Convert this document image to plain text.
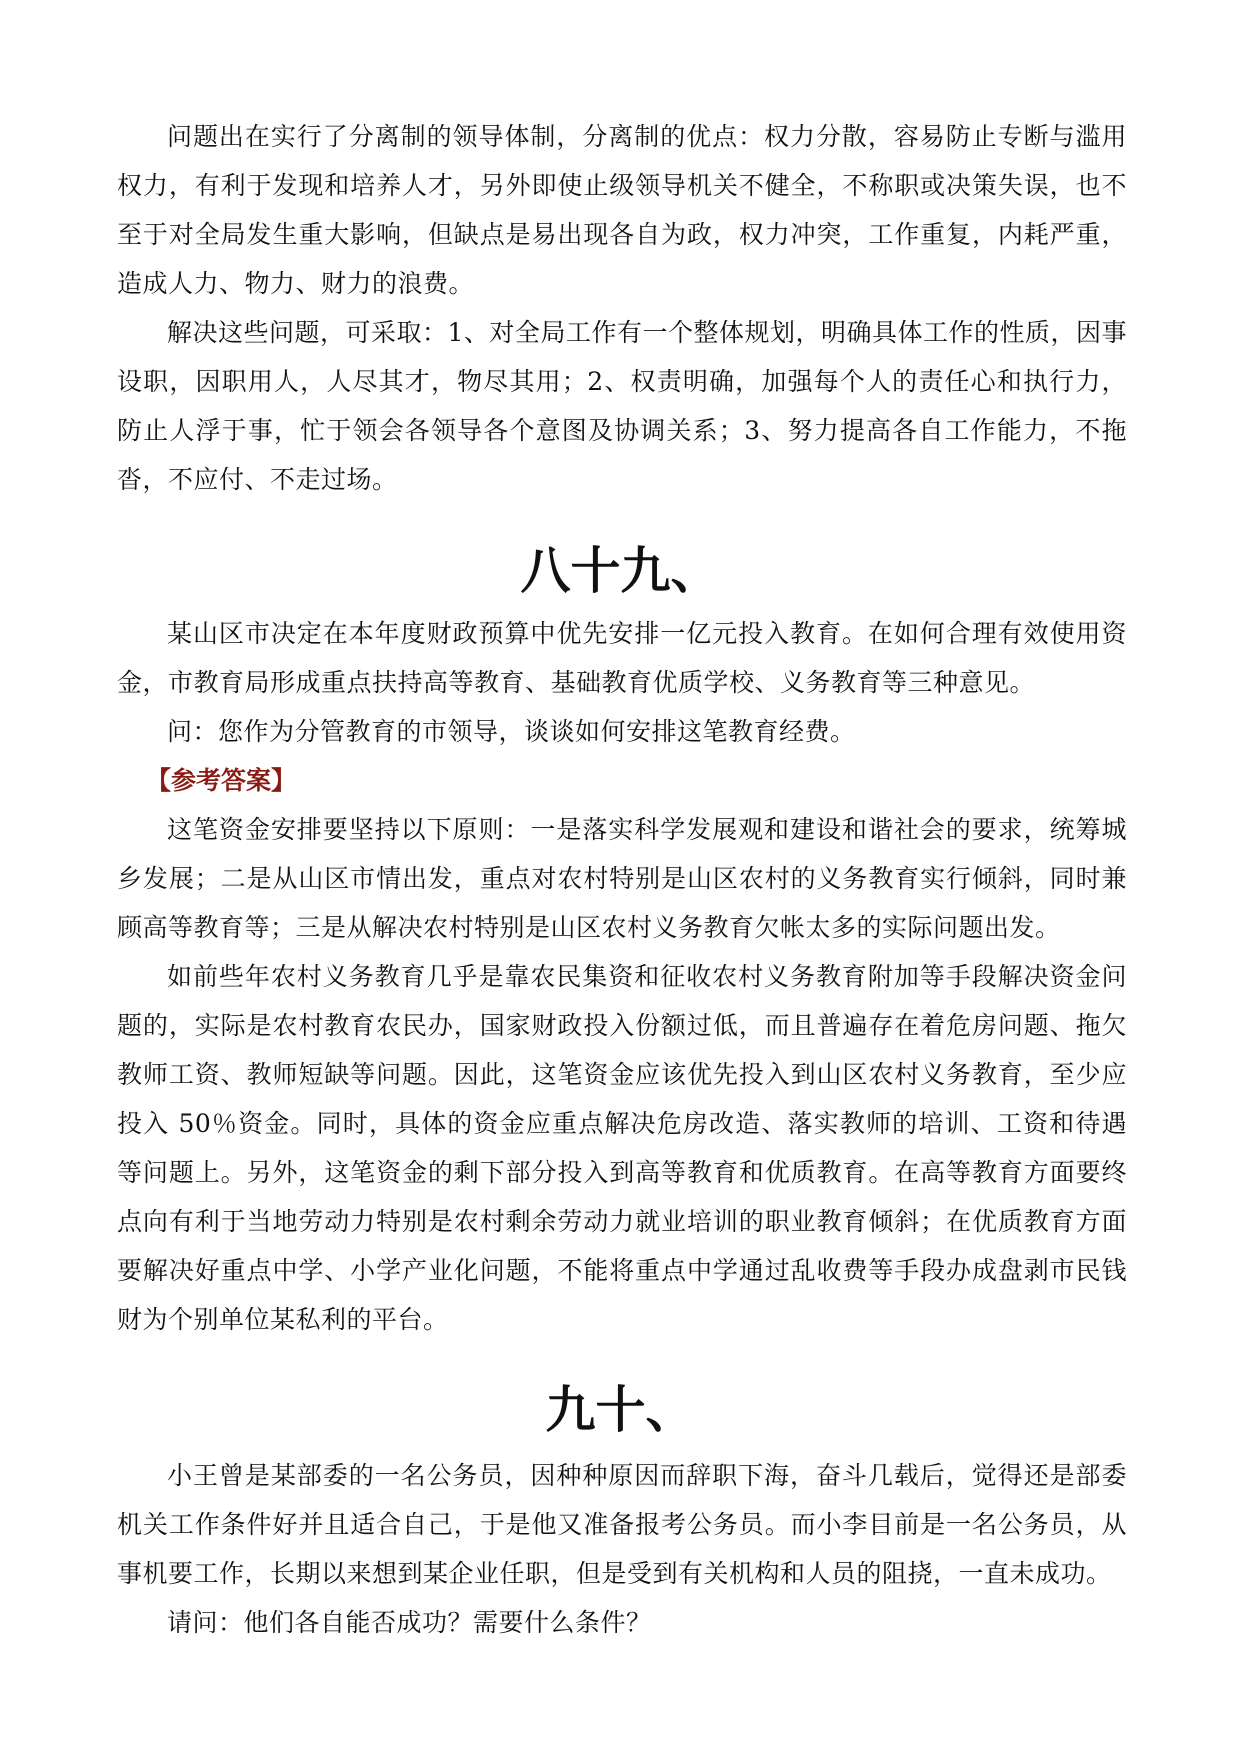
问题出在实行了分离制的领导体制，分离制的优点：权力分散，容易防止专断与滥用权力，有利于发现和培养人才，另外即使止级领导机关不健全，不称职或决策失误，也不至于对全局发生重大影响，但缺点是易出现各自为政，权力冲突，工作重复，内耗严重，造成人力、物力、财力的浪费。

解决这些问题，可采取：1、对全局工作有一个整体规划，明确具体工作的性质，因事设职，因职用人，人尽其才，物尽其用；2、权责明确，加强每个人的责任心和执行力，防止人浮于事，忙于领会各领导各个意图及协调关系；3、努力提高各自工作能力，不拖沓，不应付、不走过场。

八十九、

某山区市决定在本年度财政预算中优先安排一亿元投入教育。在如何合理有效使用资金，市教育局形成重点扶持高等教育、基础教育优质学校、义务教育等三种意见。

问：您作为分管教育的市领导，谈谈如何安排这笔教育经费。

【参考答案】

这笔资金安排要坚持以下原则：一是落实科学发展观和建设和谐社会的要求，统筹城乡发展；二是从山区市情出发，重点对农村特别是山区农村的义务教育实行倾斜，同时兼顾高等教育等；三是从解决农村特别是山区农村义务教育欠帐太多的实际问题出发。

如前些年农村义务教育几乎是靠农民集资和征收农村义务教育附加等手段解决资金问题的，实际是农村教育农民办，国家财政投入份额过低，而且普遍存在着危房问题、拖欠教师工资、教师短缺等问题。因此，这笔资金应该优先投入到山区农村义务教育，至少应投入 50％资金。同时，具体的资金应重点解决危房改造、落实教师的培训、工资和待遇等问题上。另外，这笔资金的剩下部分投入到高等教育和优质教育。在高等教育方面要终点向有利于当地劳动力特别是农村剩余劳动力就业培训的职业教育倾斜；在优质教育方面要解决好重点中学、小学产业化问题，不能将重点中学通过乱收费等手段办成盘剥市民钱财为个别单位某私利的平台。

九十、

小王曾是某部委的一名公务员，因种种原因而辞职下海，奋斗几载后，觉得还是部委机关工作条件好并且适合自己，于是他又准备报考公务员。而小李目前是一名公务员，从事机要工作，长期以来想到某企业任职，但是受到有关机构和人员的阻挠，一直未成功。

请问：他们各自能否成功？需要什么条件？
